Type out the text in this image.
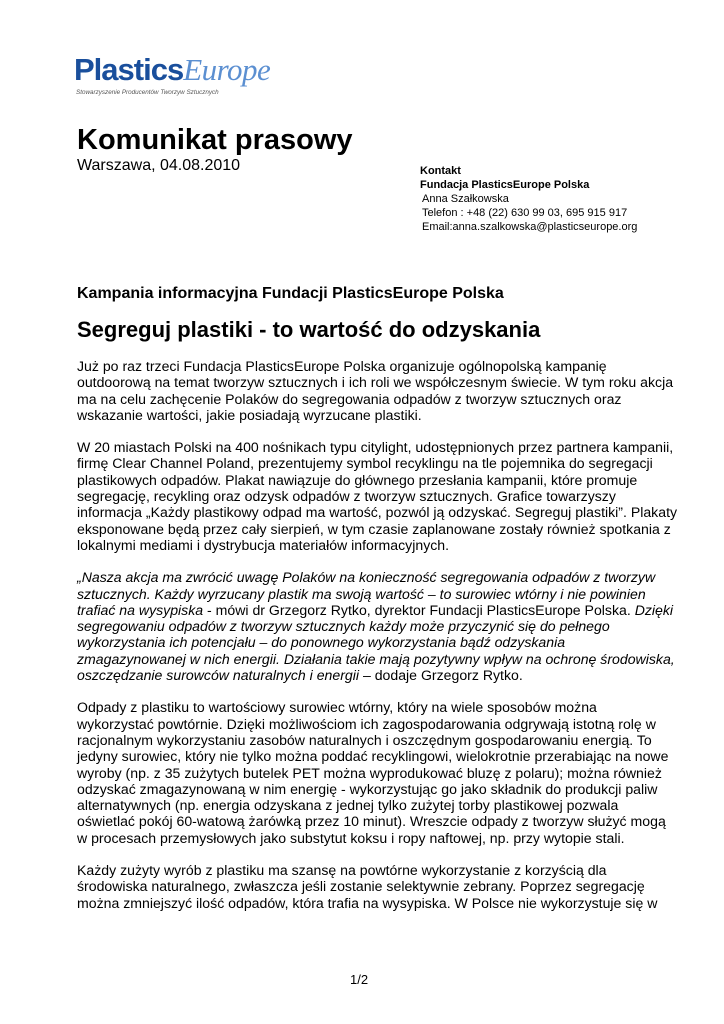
PlasticsEurope
Stowarzyszenie Producentów Tworzyw Sztucznych
Komunikat prasowy
Warszawa, 04.08.2010	Kontakt
Fundacja PlasticsEurope Polska
Anna Szałkowska
Telefon : +48 (22) 630 99 03, 695 915 917
Email:anna.szalkowska@plasticseurope.org
Kampania informacyjna Fundacji PlasticsEurope Polska
Segreguj plastiki - to wartość do odzyskania

Już po raz trzeci Fundacja PlasticsEurope Polska organizuje ogólnopolską kampanię
outdoorową na temat tworzyw sztucznych i ich roli we współczesnym świecie. W tym roku akcja
ma na celu zachęcenie Polaków do segregowania odpadów z tworzyw sztucznych oraz
wskazanie wartości, jakie posiadają wyrzucane plastiki.

W 20 miastach Polski na 400 nośnikach typu citylight, udostępnionych przez partnera kampanii,
firmę Clear Channel Poland, prezentujemy symbol recyklingu na tle pojemnika do segregacji
plastikowych odpadów. Plakat nawiązuje do głównego przesłania kampanii, które promuje
segregację, recykling oraz odzysk odpadów z tworzyw sztucznych. Grafice towarzyszy
informacja „Każdy plastikowy odpad ma wartość, pozwól ją odzyskać. Segreguj plastiki”. Plakaty
eksponowane będą przez cały sierpień, w tym czasie zaplanowane zostały również spotkania z
lokalnymi mediami i dystrybucja materiałów informacyjnych.

„Nasza akcja ma zwrócić uwagę Polaków na konieczność segregowania odpadów z tworzyw
sztucznych. Każdy wyrzucany plastik ma swoją wartość – to surowiec wtórny i nie powinien
trafiać na wysypiska - mówi dr Grzegorz Rytko, dyrektor Fundacji PlasticsEurope Polska. Dzięki
segregowaniu odpadów z tworzyw sztucznych każdy może przyczynić się do pełnego
wykorzystania ich potencjału – do ponownego wykorzystania bądź odzyskania
zmagazynowanej w nich energii. Działania takie mają pozytywny wpływ na ochronę środowiska,
oszczędzanie surowców naturalnych i energii – dodaje Grzegorz Rytko.

Odpady z plastiku to wartościowy surowiec wtórny, który na wiele sposobów można
wykorzystać powtórnie. Dzięki możliwościom ich zagospodarowania odgrywają istotną rolę w
racjonalnym wykorzystaniu zasobów naturalnych i oszczędnym gospodarowaniu energią. To
jedyny surowiec, który nie tylko można poddać recyklingowi, wielokrotnie przerabiając na nowe
wyroby (np. z 35 zużytych butelek PET można wyprodukować bluzę z polaru); można również
odzyskać zmagazynowaną w nim energię - wykorzystując go jako składnik do produkcji paliw
alternatywnych (np. energia odzyskana z jednej tylko zużytej torby plastikowej pozwala
oświetlać pokój 60-watową żarówką przez 10 minut). Wreszcie odpady z tworzyw służyć mogą
w procesach przemysłowych jako substytut koksu i ropy naftowej, np. przy wytopie stali.

Każdy zużyty wyrób z plastiku ma szansę na powtórne wykorzystanie z korzyścią dla
środowiska naturalnego, zwłaszcza jeśli zostanie selektywnie zebrany. Poprzez segregację
można zmniejszyć ilość odpadów, która trafia na wysypiska. W Polsce nie wykorzystuje się w

1/2
